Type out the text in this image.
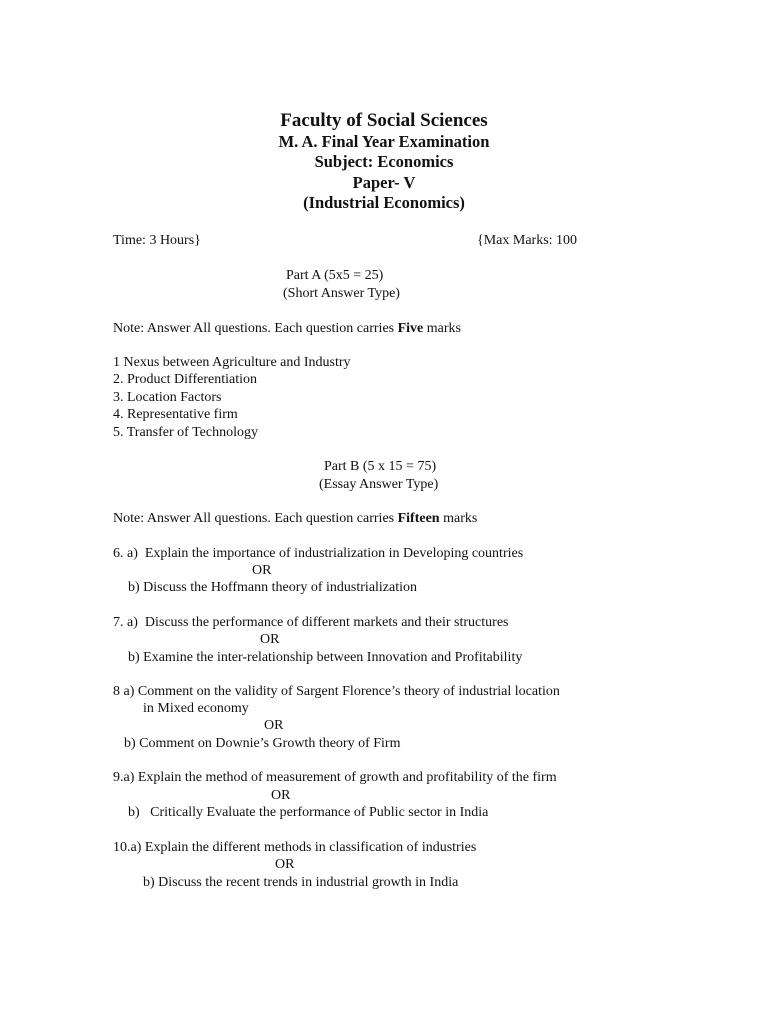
Faculty of Social Sciences
M. A. Final Year Examination
Subject: Economics
Paper- V
(Industrial Economics)
Time: 3 Hours}	{Max Marks: 100
Part A (5x5 = 25)
(Short Answer Type)
Note: Answer All questions. Each question carries Five marks
1 Nexus between Agriculture and Industry
2. Product Differentiation
3. Location Factors
4. Representative firm
5. Transfer of Technology
Part B (5 x 15 = 75)
(Essay Answer Type)
Note: Answer All questions. Each question carries Fifteen marks
6. a)  Explain the importance of industrialization in Developing countries
OR
b) Discuss the Hoffmann theory of industrialization
7. a)  Discuss the performance of different markets and their structures
OR
b) Examine the inter-relationship between Innovation and Profitability
8 a) Comment on the validity of Sargent Florence’s theory of industrial location
in Mixed economy
OR
b) Comment on Downie’s Growth theory of Firm
9.a) Explain the method of measurement of growth and profitability of the firm
OR
b)   Critically Evaluate the performance of Public sector in India
10.a) Explain the different methods in classification of industries
OR
b) Discuss the recent trends in industrial growth in India
